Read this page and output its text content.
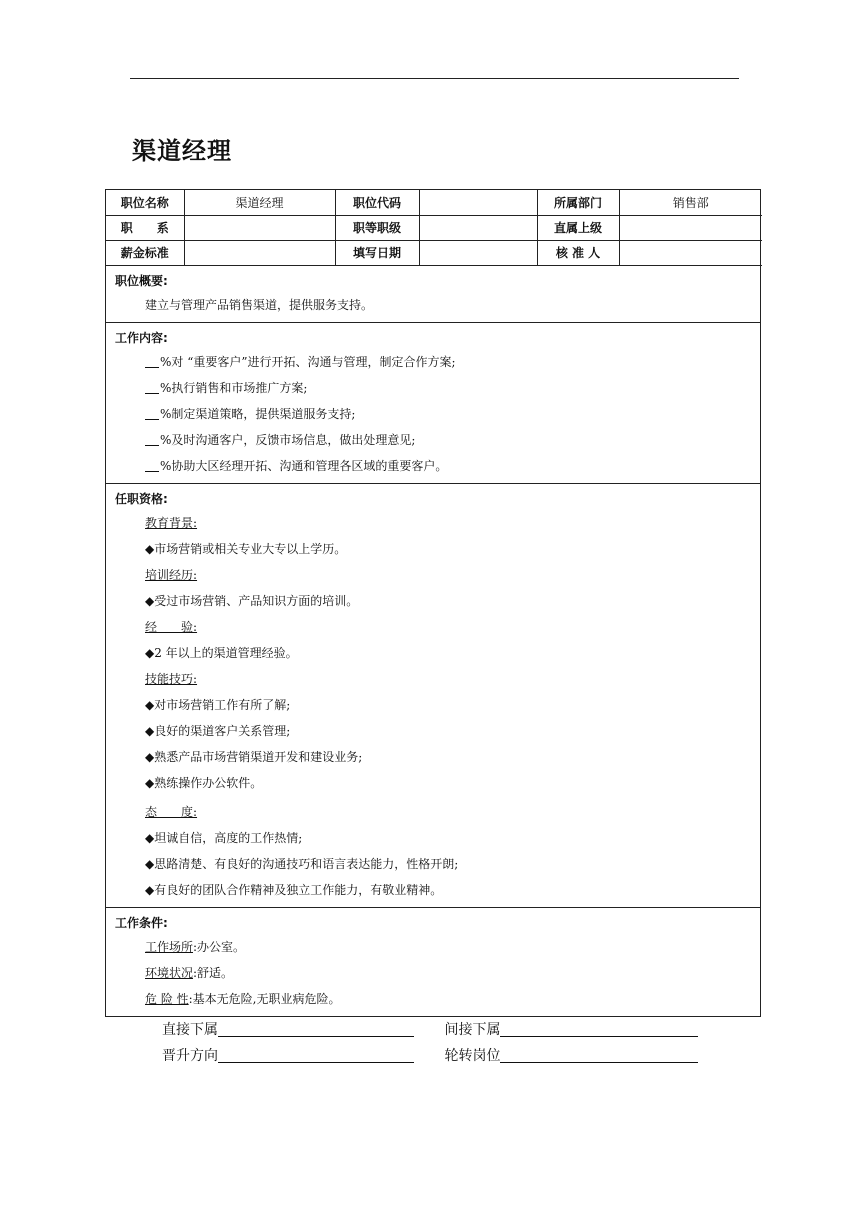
渠道经理
职位名称	渠道经理	职位代码		所属部门	销售部
职　　系		职等职级		直属上级	
薪金标准		填写日期		核 准 人	
职位概要:
建立与管理产品销售渠道，提供服务支持。
工作内容:
%对 “重要客户”进行开拓、沟通与管理，制定合作方案;
%执行销售和市场推广方案;
%制定渠道策略，提供渠道服务支持;
%及时沟通客户，反馈市场信息，做出处理意见;
%协助大区经理开拓、沟通和管理各区域的重要客户。
任职资格:
教育背景:
◆市场营销或相关专业大专以上学历。
培训经历:
◆受过市场营销、产品知识方面的培训。
经　　验:
◆2 年以上的渠道管理经验。
技能技巧:
◆对市场营销工作有所了解;
◆良好的渠道客户关系管理;
◆熟悉产品市场营销渠道开发和建设业务;
◆熟练操作办公软件。
态　　度:
◆坦诚自信，高度的工作热情;
◆思路清楚、有良好的沟通技巧和语言表达能力，性格开朗;
◆有良好的团队合作精神及独立工作能力，有敬业精神。
工作条件:
工作场所:办公室。
环境状况:舒适。
危 险 性:基本无危险,无职业病危险。
直接下属	间接下属
晋升方向	轮转岗位
